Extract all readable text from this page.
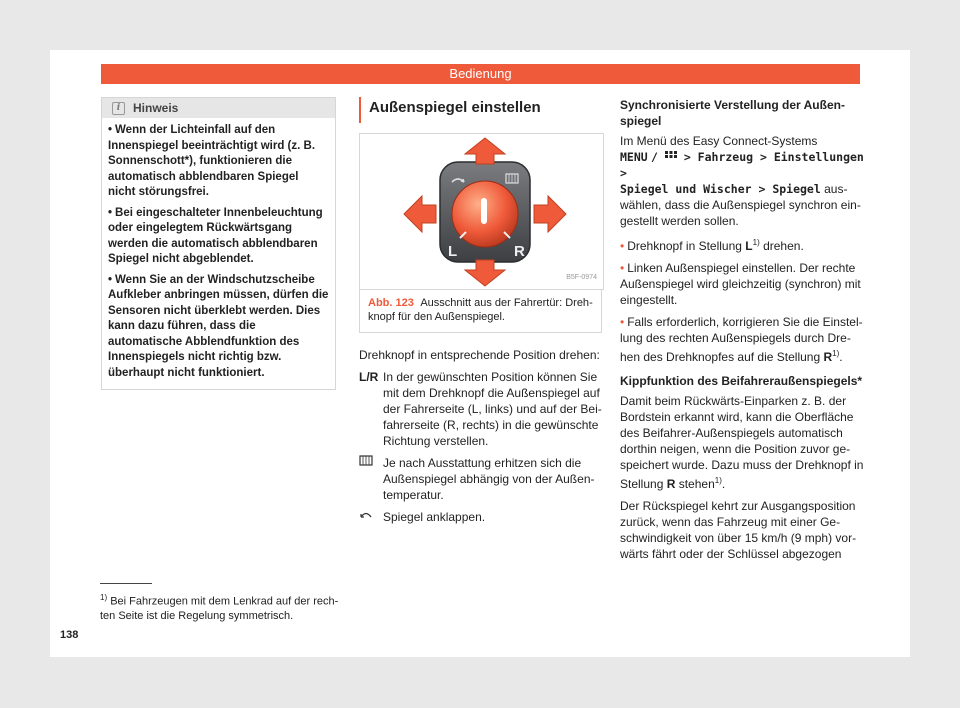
Bedienung
i	Hinweis
• Wenn der Lichteinfall auf den Innenspiegel beeinträchtigt wird (z. B. Sonnenschott*), funktionieren die automatisch abblendbaren Spiegel nicht störungsfrei.
• Bei eingeschalteter Innenbeleuchtung oder eingelegtem Rückwärtsgang werden die automatisch abblendbaren Spiegel nicht abgeblendet.
• Wenn Sie an der Windschutzscheibe Aufkleber anbringen müssen, dürfen die Sensoren nicht überklebt werden. Dies kann dazu führen, dass die automatische Abblendfunktion des Innenspiegels nicht richtig bzw. überhaupt nicht funktioniert.
Außenspiegel einstellen
L	R
B5F-0974
Abb. 123 Ausschnitt aus der Fahrertür: Drehknopf für den Außenspiegel.

Drehknopf in entsprechende Position drehen:

L/R In der gewünschten Position können Sie mit dem Drehknopf die Außenspiegel auf der Fahrerseite (L, links) und auf der Beifahrerseite (R, rechts) in die gewünschte Richtung verstellen.
Je nach Ausstattung erhitzen sich die Außenspiegel abhängig von der Außentemperatur.
Spiegel anklappen.

Synchronisierte Verstellung der Außenspiegel

Im Menü des Easy Connect-Systems
MENU /  > Fahrzeug > Einstellungen >
Spiegel und Wischer > Spiegel auswählen, dass die Außenspiegel synchron eingestellt werden sollen.

• Drehknopf in Stellung $L^{1)}$ drehen.

• Linken Außenspiegel einstellen. Der rechte Außenspiegel wird gleichzeitig (synchron) mit eingestellt.

• Falls erforderlich, korrigieren Sie die Einstellung des rechten Außenspiegels durch Drehen des Drehknopfes auf die Stellung $R^{1)}$.

Kippfunktion des Beifahreraußenspiegels*

Damit beim Rückwärts-Einparken z. B. der Bordstein erkannt wird, kann die Oberfläche des Beifahrer-Außenspiegels automatisch dorthin neigen, wenn die Position zuvor gespeichert wurde. Dazu muss der Drehknopf in Stellung R stehen$^{1)}$.

Der Rückspiegel kehrt zur Ausgangsposition zurück, wenn das Fahrzeug mit einer Geschwindigkeit von über 15 km/h (9 mph) vorwärts fährt oder der Schlüssel abgezogen

$^{1)}$ Bei Fahrzeugen mit dem Lenkrad auf der rechten Seite ist die Regelung symmetrisch.
138
